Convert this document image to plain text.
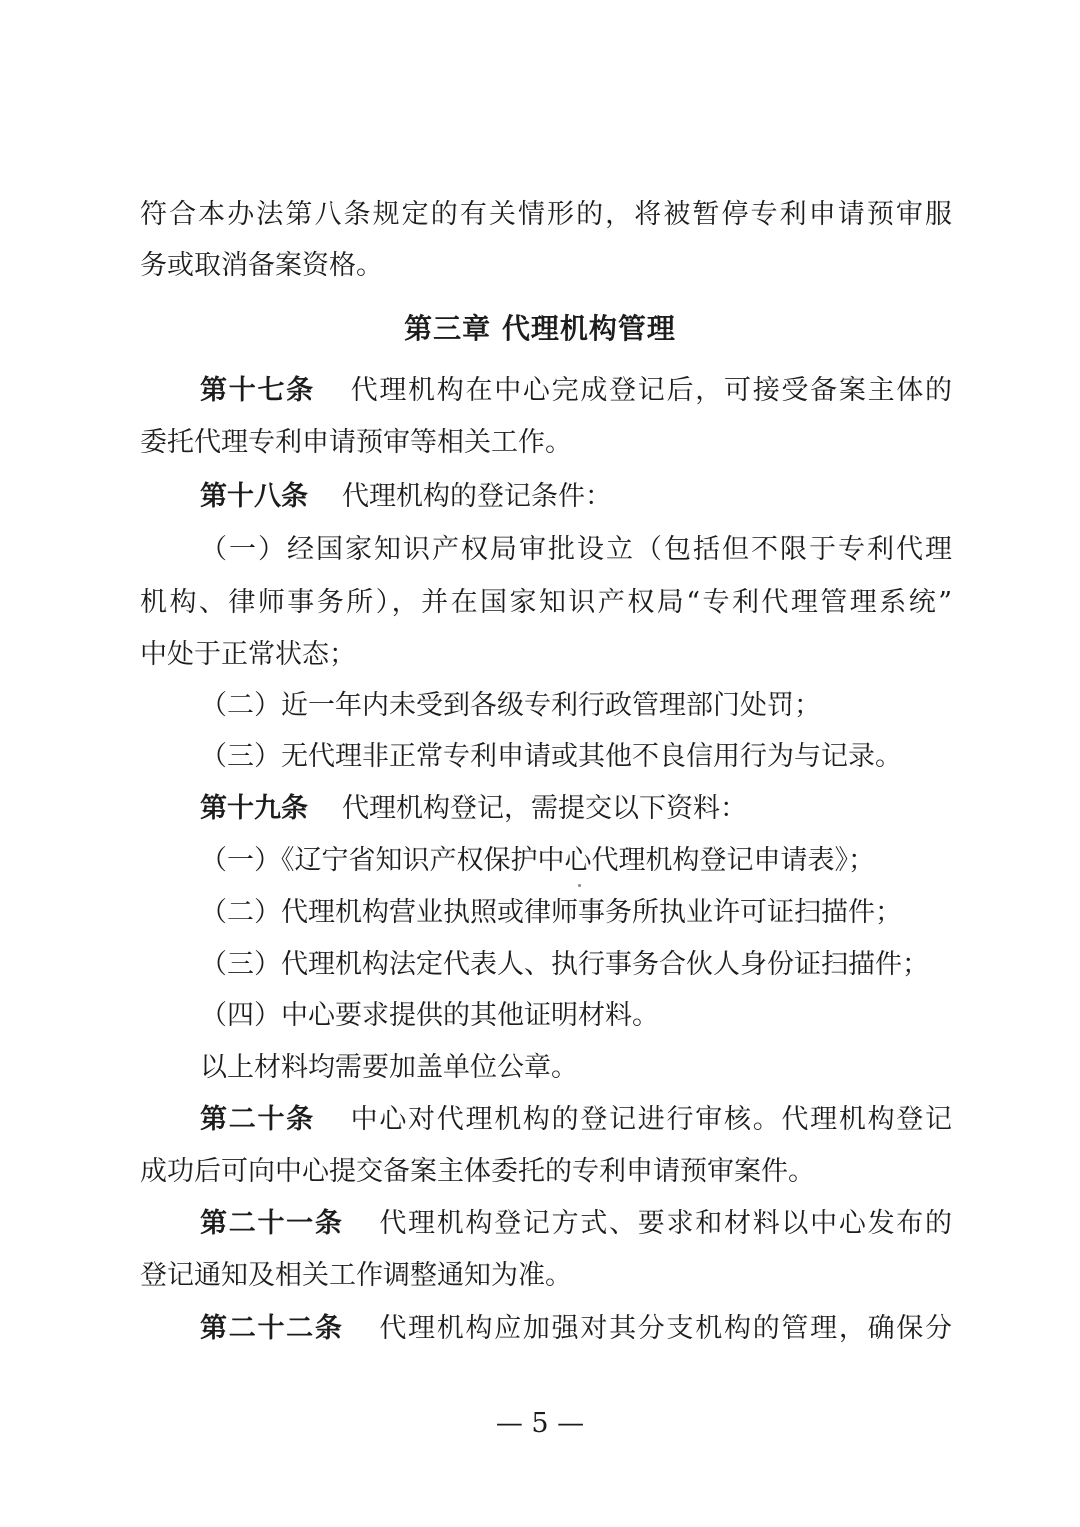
符合本办法第八条规定的有关情形的，将被暂停专利申请预审服
务或取消备案资格。
第三章 代理机构管理
第十七条 代理机构在中心完成登记后，可接受备案主体的
委托代理专利申请预审等相关工作。
第十八条 代理机构的登记条件：
（一）经国家知识产权局审批设立（包括但不限于专利代理
机构、律师事务所），并在国家知识产权局“专利代理管理系统”
中处于正常状态；
（二）近一年内未受到各级专利行政管理部门处罚；
（三）无代理非正常专利申请或其他不良信用行为与记录。
第十九条 代理机构登记，需提交以下资料：
（一）《辽宁省知识产权保护中心代理机构登记申请表》；
（二）代理机构营业执照或律师事务所执业许可证扫描件；
（三）代理机构法定代表人、执行事务合伙人身份证扫描件；
（四）中心要求提供的其他证明材料。
以上材料均需要加盖单位公章。
第二十条 中心对代理机构的登记进行审核。代理机构登记
成功后可向中心提交备案主体委托的专利申请预审案件。
第二十一条 代理机构登记方式、要求和材料以中心发布的
登记通知及相关工作调整通知为准。
第二十二条 代理机构应加强对其分支机构的管理，确保分
— 5 —
